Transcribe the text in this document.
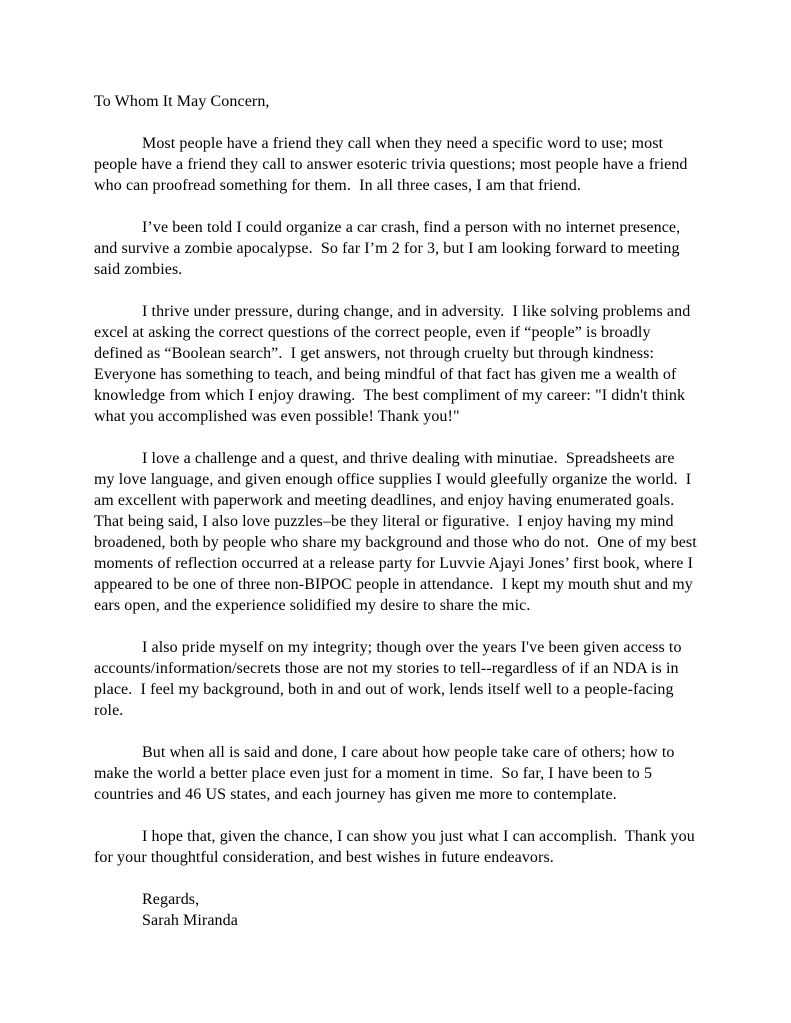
To Whom It May Concern,
Most people have a friend they call when they need a specific word to use; most people have a friend they call to answer esoteric trivia questions; most people have a friend who can proofread something for them.  In all three cases, I am that friend.
I’ve been told I could organize a car crash, find a person with no internet presence, and survive a zombie apocalypse.  So far I’m 2 for 3, but I am looking forward to meeting said zombies.
I thrive under pressure, during change, and in adversity.  I like solving problems and excel at asking the correct questions of the correct people, even if “people” is broadly defined as “Boolean search”.  I get answers, not through cruelty but through kindness: Everyone has something to teach, and being mindful of that fact has given me a wealth of knowledge from which I enjoy drawing.  The best compliment of my career: "I didn't think what you accomplished was even possible! Thank you!"
I love a challenge and a quest, and thrive dealing with minutiae.  Spreadsheets are my love language, and given enough office supplies I would gleefully organize the world.  I am excellent with paperwork and meeting deadlines, and enjoy having enumerated goals.  That being said, I also love puzzles–be they literal or figurative.  I enjoy having my mind broadened, both by people who share my background and those who do not.  One of my best moments of reflection occurred at a release party for Luvvie Ajayi Jones’ first book, where I appeared to be one of three non-BIPOC people in attendance.  I kept my mouth shut and my ears open, and the experience solidified my desire to share the mic.
I also pride myself on my integrity; though over the years I've been given access to accounts/information/secrets those are not my stories to tell--regardless of if an NDA is in place.  I feel my background, both in and out of work, lends itself well to a people-facing role.
But when all is said and done, I care about how people take care of others; how to make the world a better place even just for a moment in time.  So far, I have been to 5 countries and 46 US states, and each journey has given me more to contemplate.
I hope that, given the chance, I can show you just what I can accomplish.  Thank you for your thoughtful consideration, and best wishes in future endeavors.
Regards,
Sarah Miranda
